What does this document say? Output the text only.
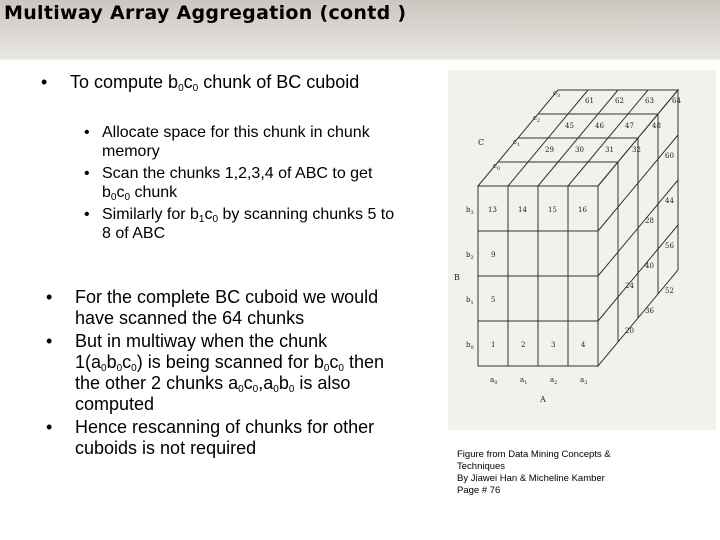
Multiway Array Aggregation (contd )
• To compute $b_0c_0$ chunk of BC cuboid
• Allocate space for this chunk in chunk memory
• Scan the chunks 1,2,3,4 of ABC to get $b_0c_0$ chunk
• Similarly for $b_1c_0$ by scanning chunks 5 to 8 of ABC
• For the complete BC cuboid we would have scanned the 64 chunks
• But in multiway when the chunk $1(a_0b_0c_0)$ is being scanned for $b_0c_0$ then the other 2 chunks $a_0c_0,a_0b_0$ is also computed
• Hence rescanning of chunks for other cuboids is not required
13	14	15	16
9
5
1	2	3	4
61	62	63	64
45	46	47	48
29	30	31	32
60
44
28
56
40
24
52
36
20
$c_3$
$c_2$
$c_1$
$c_0$
C
$b_3$
$b_2$
$b_1$
$b_0$
B
$a_0$	$a_1$	$a_2$	$a_3$
A
Figure from Data Mining Concepts &
Techniques
By Jiawei Han & Micheline Kamber
Page # 76
